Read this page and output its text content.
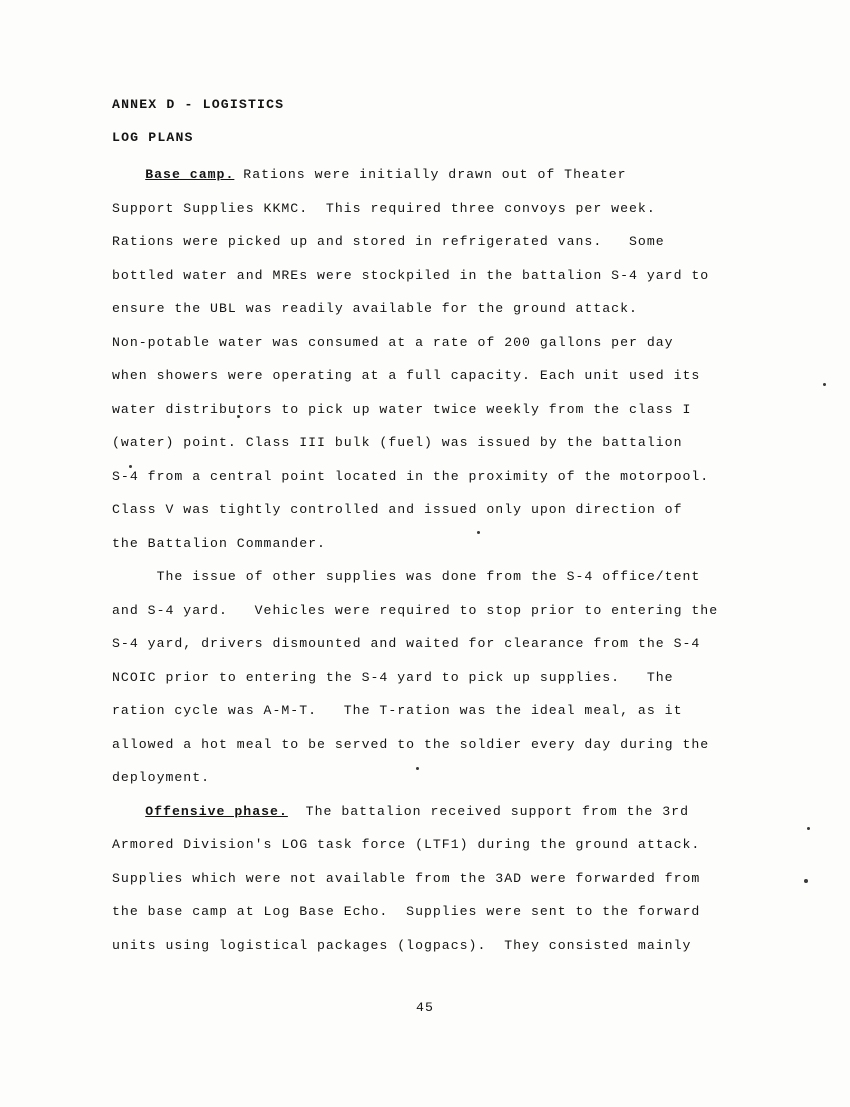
ANNEX D - LOGISTICS
LOG PLANS

Base camp. Rations were initially drawn out of Theater
Support Supplies KKMC.  This required three convoys per week.
Rations were picked up and stored in refrigerated vans.   Some
bottled water and MREs were stockpiled in the battalion S-4 yard to
ensure the UBL was readily available for the ground attack.
Non-potable water was consumed at a rate of 200 gallons per day
when showers were operating at a full capacity. Each unit used its
water distributors to pick up water twice weekly from the class I
(water) point. Class III bulk (fuel) was issued by the battalion
S-4 from a central point located in the proximity of the motorpool.
Class V was tightly controlled and issued only upon direction of
the Battalion Commander.

The issue of other supplies was done from the S-4 office/tent
and S-4 yard.   Vehicles were required to stop prior to entering the
S-4 yard, drivers dismounted and waited for clearance from the S-4
NCOIC prior to entering the S-4 yard to pick up supplies.   The
ration cycle was A-M-T.   The T-ration was the ideal meal, as it
allowed a hot meal to be served to the soldier every day during the
deployment.

Offensive phase.  The battalion received support from the 3rd
Armored Division's LOG task force (LTF1) during the ground attack.
Supplies which were not available from the 3AD were forwarded from
the base camp at Log Base Echo.  Supplies were sent to the forward
units using logistical packages (logpacs).  They consisted mainly

45
